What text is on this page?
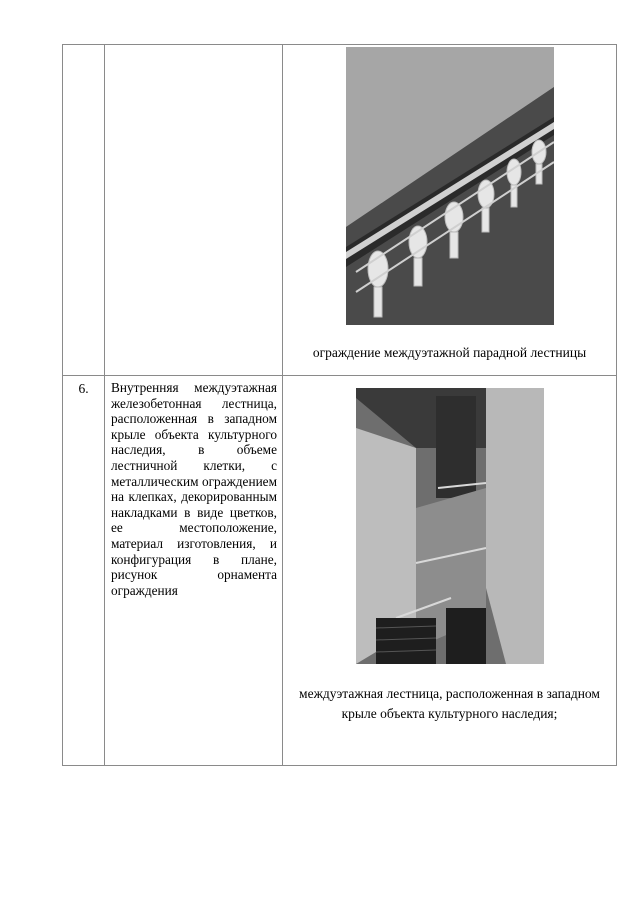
		ограждение междуэтажной парадной лестницы

6.	Внутренняя междуэтажная железобетонная лестница, расположенная в западном крыле объекта культурного наследия, в объеме лестничной клетки, с металлическим ограждением на клепках, декорированным накладками в виде цветков, ее местоположение, материал изготовления, и конфигурация в плане, рисунок орнамента ограждения	междуэтажная лестница, расположенная в западном крыле объекта культурного наследия;
